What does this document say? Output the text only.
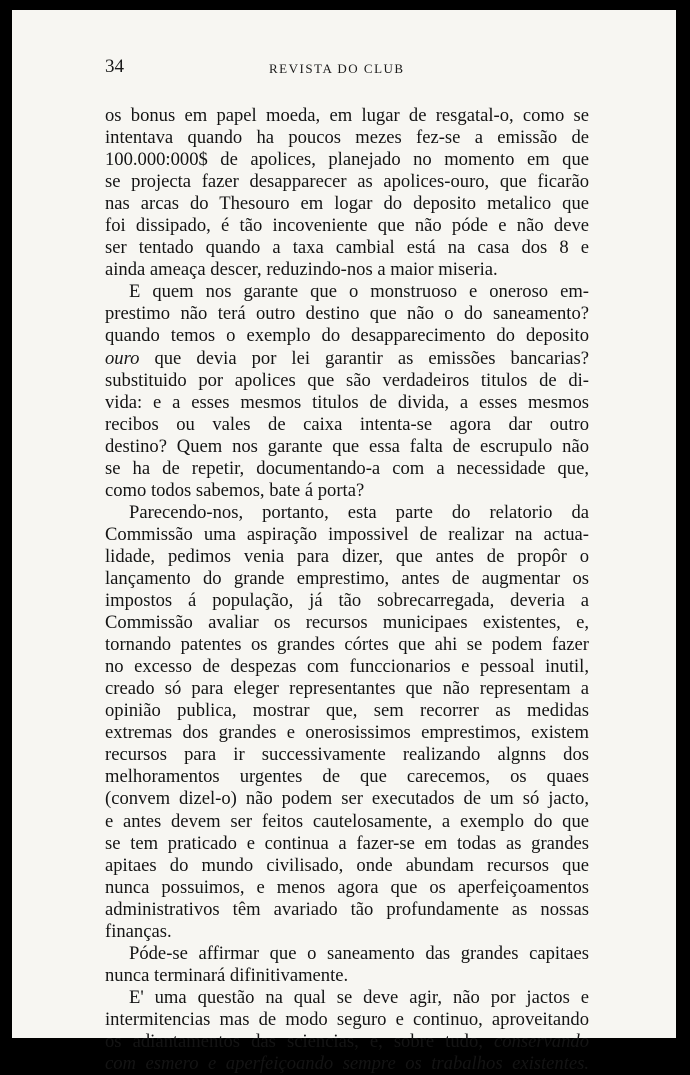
34	REVISTA DO CLUB
os bonus em papel moeda, em lugar de resgatal-o, como se
intentava quando ha poucos mezes fez-se a emissão de
100.000:000$ de apolices, planejado no momento em que
se projecta fazer desapparecer as apolices-ouro, que ficarão
nas arcas do Thesouro em logar do deposito metalico que
foi dissipado, é tão incoveniente que não póde e não deve
ser tentado quando a taxa cambial está na casa dos 8 e
ainda ameaça descer, reduzindo-nos a maior miseria.
E quem nos garante que o monstruoso e oneroso em-
prestimo não terá outro destino que não o do saneamento?
quando temos o exemplo do desapparecimento do deposito
ouro que devia por lei garantir as emissões bancarias?
substituido por apolices que são verdadeiros titulos de di-
vida: e a esses mesmos titulos de divida, a esses mesmos
recibos ou vales de caixa intenta-se agora dar outro
destino? Quem nos garante que essa falta de escrupulo não
se ha de repetir, documentando-a com a necessidade que,
como todos sabemos, bate á porta?
Parecendo-nos, portanto, esta parte do relatorio da
Commissão uma aspiração impossivel de realizar na actua-
lidade, pedimos venia para dizer, que antes de propôr o
lançamento do grande emprestimo, antes de augmentar os
impostos á população, já tão sobrecarregada, deveria a
Commissão avaliar os recursos municipaes existentes, e,
tornando patentes os grandes córtes que ahi se podem fazer
no excesso de despezas com funccionarios e pessoal inutil,
creado só para eleger representantes que não representam a
opinião publica, mostrar que, sem recorrer as medidas
extremas dos grandes e onerosissimos emprestimos, existem
recursos para ir successivamente realizando algnns dos
melhoramentos urgentes de que carecemos, os quaes
(convem dizel-o) não podem ser executados de um só jacto,
e antes devem ser feitos cautelosamente, a exemplo do que
se tem praticado e continua a fazer-se em todas as grandes
apitaes do mundo civilisado, onde abundam recursos que
nunca possuimos, e menos agora que os aperfeiçoamentos
administrativos têm avariado tão profundamente as nossas
finanças.
Póde-se affirmar que o saneamento das grandes capitaes
nunca terminará difinitivamente.
E' uma questão na qual se deve agir, não por jactos e
intermitencias mas de modo seguro e continuo, aproveitando
os adiantamentos das sciencias, e, sobre tudo, conservando
com esmero e aperfeiçoando sempre os trabalhos existentes.
